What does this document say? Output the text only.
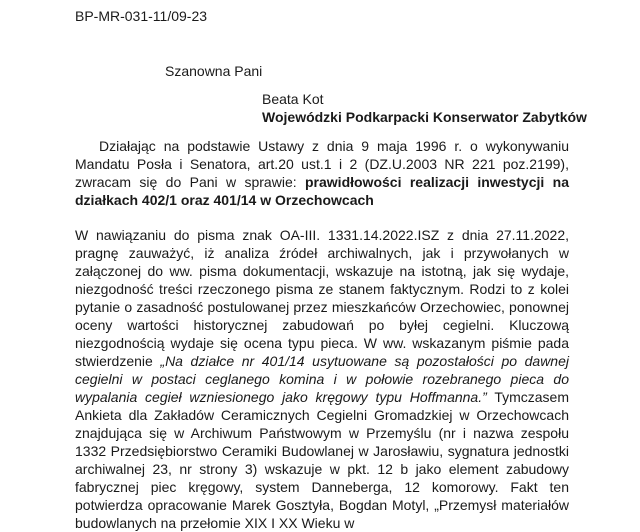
BP-MR-031-11/09-23
Szanowna Pani
Beata Kot
Wojewódzki Podkarpacki Konserwator Zabytków
Działając na podstawie Ustawy z dnia 9 maja 1996 r. o wykonywaniu Mandatu Posła i Senatora, art.20 ust.1 i 2 (DZ.U.2003 NR 221 poz.2199), zwracam się do Pani w sprawie: prawidłowości realizacji inwestycji na działkach 402/1 oraz 401/14 w Orzechowcach
W nawiązaniu do pisma znak OA-III. 1331.14.2022.ISZ z dnia 27.11.2022, pragnę zauważyć, iż analiza źródeł archiwalnych, jak i przywołanych w załączonej do ww. pisma dokumentacji, wskazuje na istotną, jak się wydaje, niezgodność treści rzeczonego pisma ze stanem faktycznym. Rodzi to z kolei pytanie o zasadność postulowanej przez mieszkańców Orzechowiec, ponownej oceny wartości historycznej zabudowań po byłej cegielni. Kluczową niezgodnością wydaje się ocena typu pieca. W ww. wskazanym piśmie pada stwierdzenie „Na działce nr 401/14 usytuowane są pozostałości po dawnej cegielni w postaci ceglanego komina i w połowie rozebranego pieca do wypalania cegieł wzniesionego jako kręgowy typu Hoffmanna.” Tymczasem Ankieta dla Zakładów Ceramicznych Cegielni Gromadzkiej w Orzechowcach znajdująca się w Archiwum Państwowym w Przemyślu (nr i nazwa zespołu 1332 Przedsiębiorstwo Ceramiki Budowlanej w Jarosławiu, sygnatura jednostki archiwalnej 23, nr strony 3) wskazuje w pkt. 12 b jako element zabudowy fabrycznej piec kręgowy, system Danneberga, 12 komorowy. Fakt ten potwierdza opracowanie Marek Gosztyła, Bogdan Motyl, „Przemysł materiałów budowlanych na przełomie XIX I XX Wieku w
